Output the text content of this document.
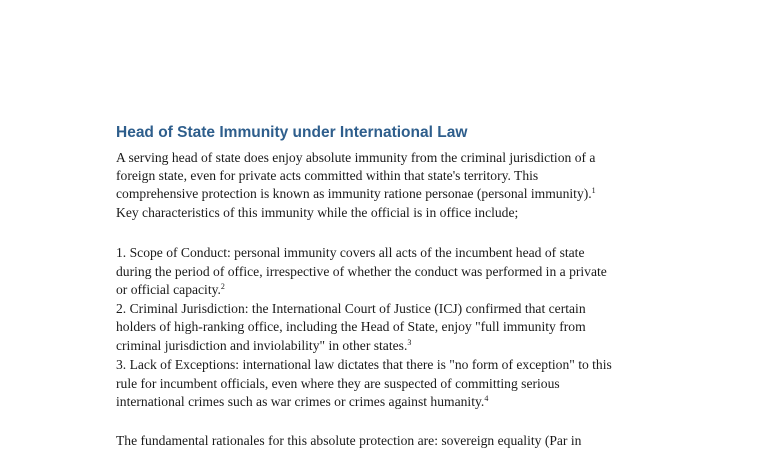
Head of State Immunity under International Law
A serving head of state does enjoy absolute immunity from the criminal jurisdiction of a
foreign state, even for private acts committed within that state's territory. This
comprehensive protection is known as immunity ratione personae (personal immunity).$^1$
Key characteristics of this immunity while the official is in office include;
1. Scope of Conduct: personal immunity covers all acts of the incumbent head of state
during the period of office, irrespective of whether the conduct was performed in a private
or official capacity.$^2$
2. Criminal Jurisdiction: the International Court of Justice (ICJ) confirmed that certain
holders of high-ranking office, including the Head of State, enjoy "full immunity from
criminal jurisdiction and inviolability" in other states.$^3$
3. Lack of Exceptions: international law dictates that there is "no form of exception" to this
rule for incumbent officials, even where they are suspected of committing serious
international crimes such as war crimes or crimes against humanity.$^4$
The fundamental rationales for this absolute protection are: sovereign equality (Par in
